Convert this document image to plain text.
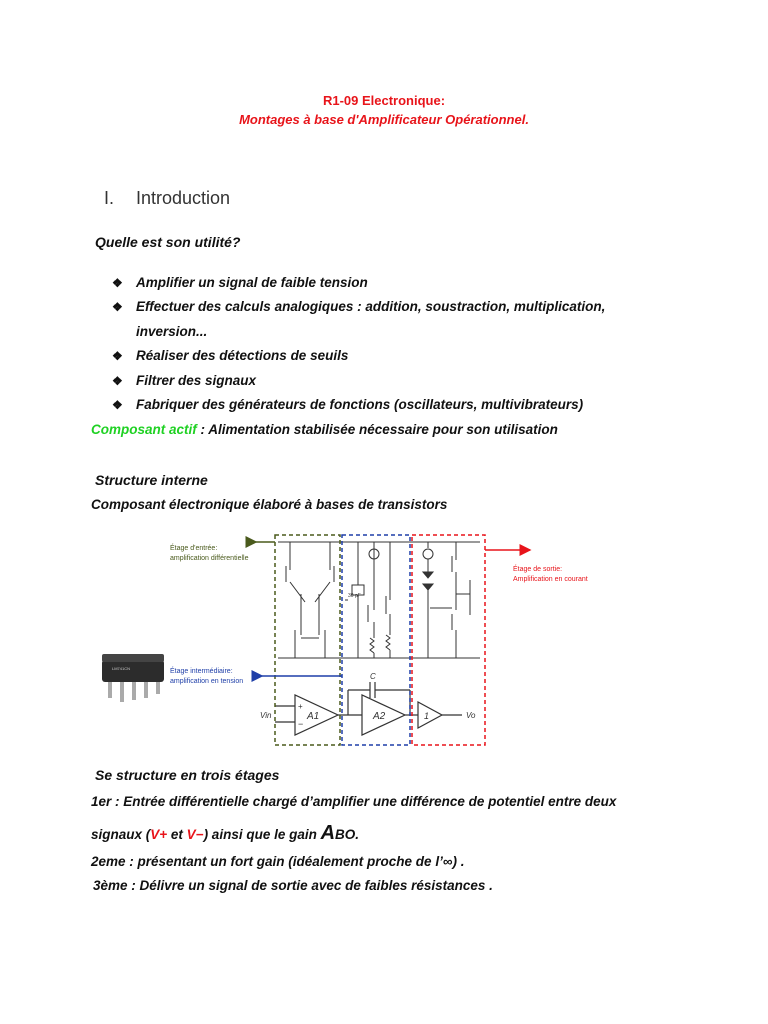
R1-09 Electronique:
Montages à base d'Amplificateur Opérationnel.
I. Introduction
Quelle est son utilité?
❖ Amplifier un signal de faible tension
❖ Effectuer des calculs analogiques : addition, soustraction, multiplication,
inversion...
❖ Réaliser des détections de seuils
❖ Filtrer des signaux
❖ Fabriquer des générateurs de fonctions (oscillateurs, multivibrateurs)
Composant actif : Alimentation stabilisée nécessaire pour son utilisation
Structure interne
Composant électronique élaboré à bases de transistors
30 pF
LM741CN
+
−
A1	A2	1
Vin	Vo
C
Étage d'entrée:
amplification différentielle
Étage intermédiaire:
amplification en tension
Étage de sortie:
Amplification en courant
Se structure en trois étages
1er : Entrée différentielle chargé d’amplifier une différence de potentiel entre deux
signaux (V+ et V−) ainsi que le gain ABO.
2eme : présentant un fort gain (idéalement proche de l’∞) .
3ème : Délivre un signal de sortie avec de faibles résistances .
